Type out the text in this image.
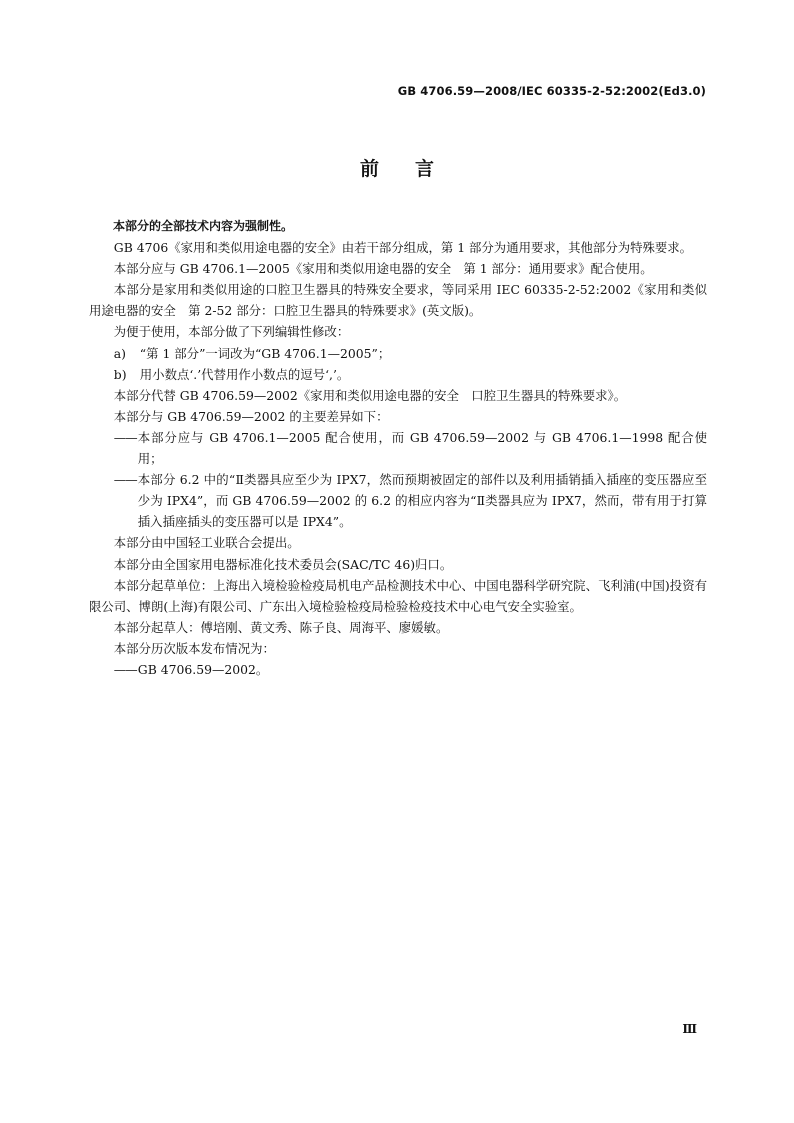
GB 4706.59—2008/IEC 60335-2-52:2002(Ed3.0)
前 言

本部分的全部技术内容为强制性。

GB 4706《家用和类似用途电器的安全》由若干部分组成，第 1 部分为通用要求，其他部分为特殊要求。

本部分应与 GB 4706.1—2005《家用和类似用途电器的安全　第 1 部分：通用要求》配合使用。

本部分是家用和类似用途的口腔卫生器具的特殊安全要求，等同采用 IEC 60335-2-52:2002《家用和类似用途电器的安全　第 2-52 部分：口腔卫生器具的特殊要求》(英文版)。

为便于使用，本部分做了下列编辑性修改：

a)	“第 1 部分”一词改为“GB 4706.1—2005”；
b)	用小数点‘.’代替用作小数点的逗号‘,’。

本部分代替 GB 4706.59—2002《家用和类似用途电器的安全　口腔卫生器具的特殊要求》。

本部分与 GB 4706.59—2002 的主要差异如下：

—— 本部分应与 GB 4706.1—2005 配合使用，而 GB 4706.59—2002 与 GB 4706.1—1998 配合使用；
—— 本部分 6.2 中的“Ⅱ类器具应至少为 IPX7，然而预期被固定的部件以及利用插销插入插座的变压器应至少为 IPX4”，而 GB 4706.59—2002 的 6.2 的相应内容为“Ⅱ类器具应为 IPX7，然而，带有用于打算插入插座插头的变压器可以是 IPX4”。

本部分由中国轻工业联合会提出。

本部分由全国家用电器标准化技术委员会(SAC/TC 46)归口。

本部分起草单位：上海出入境检验检疫局机电产品检测技术中心、中国电器科学研究院、飞利浦(中国)投资有限公司、博朗(上海)有限公司、广东出入境检验检疫局检验检疫技术中心电气安全实验室。

本部分起草人：傅培刚、黄文秀、陈子良、周海平、廖媛敏。

本部分历次版本发布情况为：

—— GB 4706.59—2002。
Ⅲ
